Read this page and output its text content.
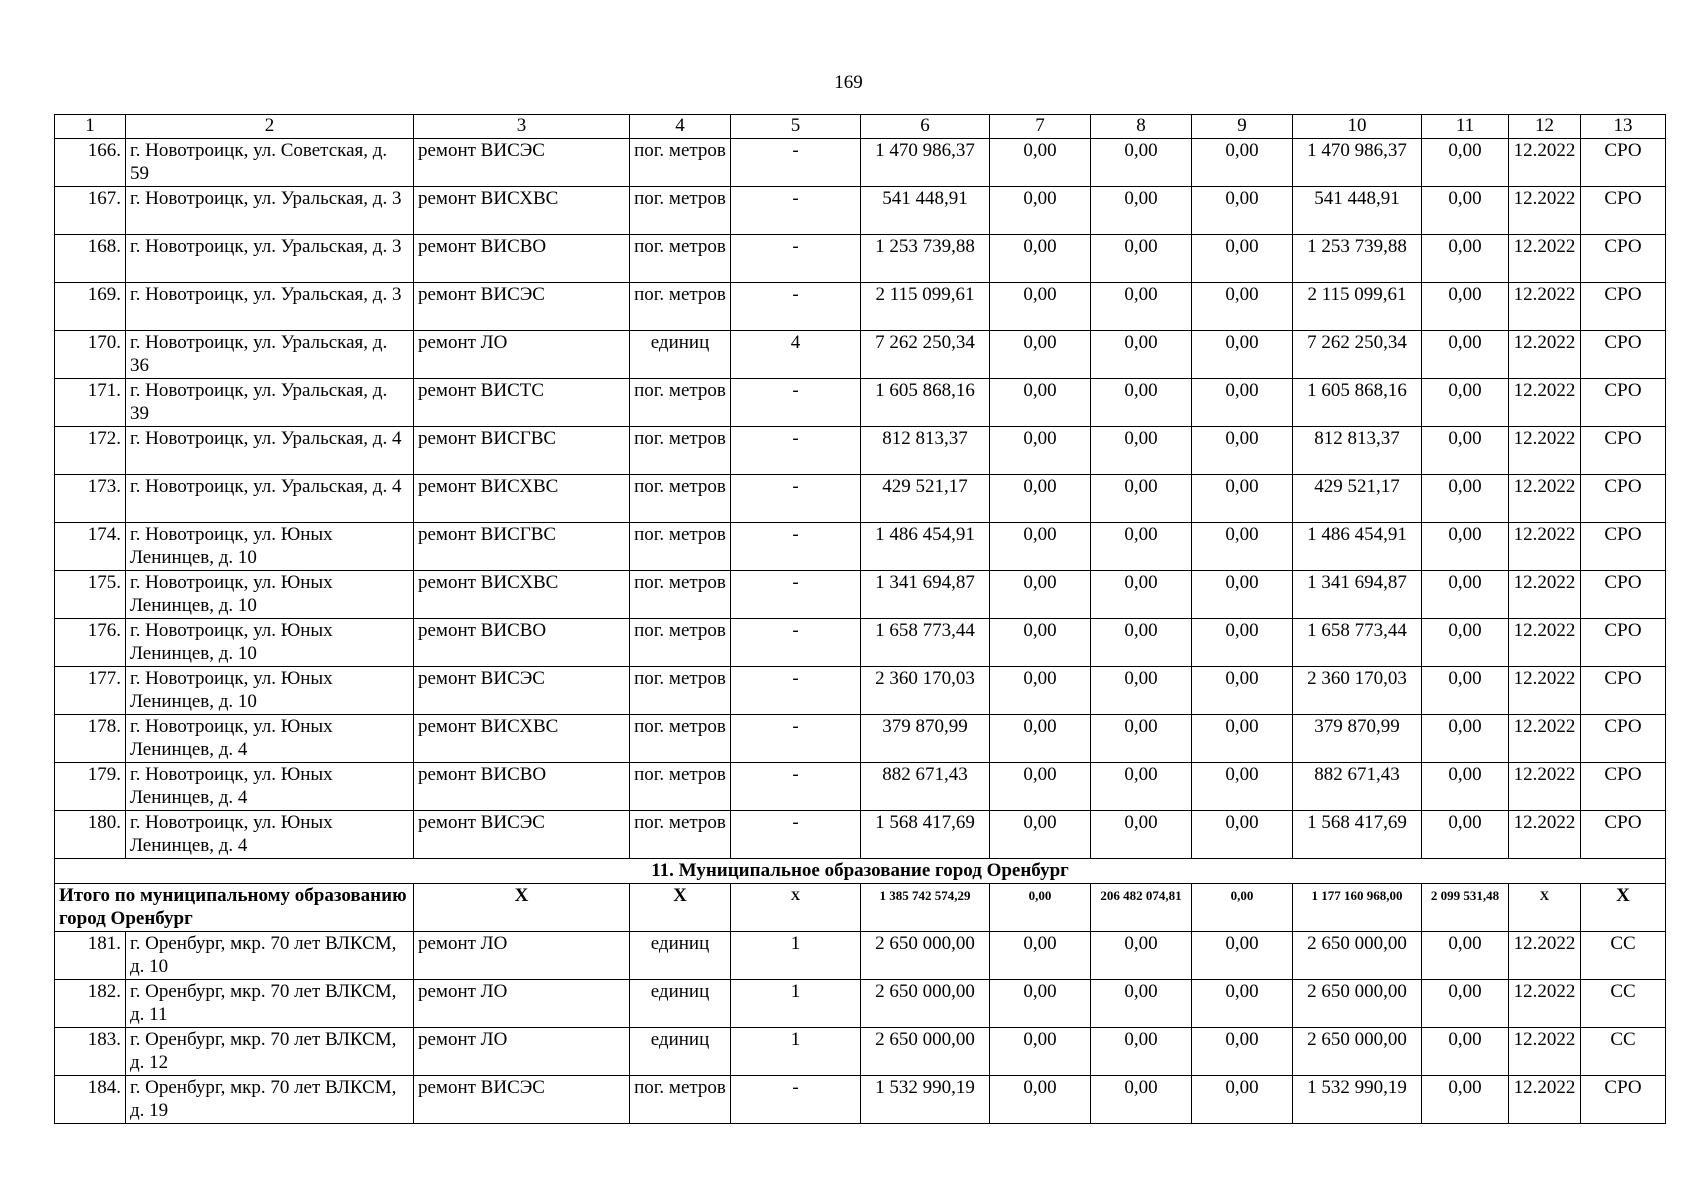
169
1	2	3	4	5	6	7	8	9	10	11	12	13
166.	г. Новотроицк, ул. Советская, д. 59	ремонт ВИСЭС	пог. метров	-	1 470 986,37	0,00	0,00	0,00	1 470 986,37	0,00	12.2022	СРО
167.	г. Новотроицк, ул. Уральская, д. 3	ремонт ВИСХВС	пог. метров	-	541 448,91	0,00	0,00	0,00	541 448,91	0,00	12.2022	СРО
168.	г. Новотроицк, ул. Уральская, д. 3	ремонт ВИСВО	пог. метров	-	1 253 739,88	0,00	0,00	0,00	1 253 739,88	0,00	12.2022	СРО
169.	г. Новотроицк, ул. Уральская, д. 3	ремонт ВИСЭС	пог. метров	-	2 115 099,61	0,00	0,00	0,00	2 115 099,61	0,00	12.2022	СРО
170.	г. Новотроицк, ул. Уральская, д. 36	ремонт ЛО	единиц	4	7 262 250,34	0,00	0,00	0,00	7 262 250,34	0,00	12.2022	СРО
171.	г. Новотроицк, ул. Уральская, д. 39	ремонт ВИСТС	пог. метров	-	1 605 868,16	0,00	0,00	0,00	1 605 868,16	0,00	12.2022	СРО
172.	г. Новотроицк, ул. Уральская, д. 4	ремонт ВИСГВС	пог. метров	-	812 813,37	0,00	0,00	0,00	812 813,37	0,00	12.2022	СРО
173.	г. Новотроицк, ул. Уральская, д. 4	ремонт ВИСХВС	пог. метров	-	429 521,17	0,00	0,00	0,00	429 521,17	0,00	12.2022	СРО
174.	г. Новотроицк, ул. Юных Ленинцев, д. 10	ремонт ВИСГВС	пог. метров	-	1 486 454,91	0,00	0,00	0,00	1 486 454,91	0,00	12.2022	СРО
175.	г. Новотроицк, ул. Юных Ленинцев, д. 10	ремонт ВИСХВС	пог. метров	-	1 341 694,87	0,00	0,00	0,00	1 341 694,87	0,00	12.2022	СРО
176.	г. Новотроицк, ул. Юных Ленинцев, д. 10	ремонт ВИСВО	пог. метров	-	1 658 773,44	0,00	0,00	0,00	1 658 773,44	0,00	12.2022	СРО
177.	г. Новотроицк, ул. Юных Ленинцев, д. 10	ремонт ВИСЭС	пог. метров	-	2 360 170,03	0,00	0,00	0,00	2 360 170,03	0,00	12.2022	СРО
178.	г. Новотроицк, ул. Юных Ленинцев, д. 4	ремонт ВИСХВС	пог. метров	-	379 870,99	0,00	0,00	0,00	379 870,99	0,00	12.2022	СРО
179.	г. Новотроицк, ул. Юных Ленинцев, д. 4	ремонт ВИСВО	пог. метров	-	882 671,43	0,00	0,00	0,00	882 671,43	0,00	12.2022	СРО
180.	г. Новотроицк, ул. Юных Ленинцев, д. 4	ремонт ВИСЭС	пог. метров	-	1 568 417,69	0,00	0,00	0,00	1 568 417,69	0,00	12.2022	СРО
11. Муниципальное образование город Оренбург												
Итого по муниципальному образованию город Оренбург		X	X	X	1 385 742 574,29	0,00	206 482 074,81	0,00	1 177 160 968,00	2 099 531,48	X	X
181.	г. Оренбург, мкр. 70 лет ВЛКСМ, д. 10	ремонт ЛО	единиц	1	2 650 000,00	0,00	0,00	0,00	2 650 000,00	0,00	12.2022	СС
182.	г. Оренбург, мкр. 70 лет ВЛКСМ, д. 11	ремонт ЛО	единиц	1	2 650 000,00	0,00	0,00	0,00	2 650 000,00	0,00	12.2022	СС
183.	г. Оренбург, мкр. 70 лет ВЛКСМ, д. 12	ремонт ЛО	единиц	1	2 650 000,00	0,00	0,00	0,00	2 650 000,00	0,00	12.2022	СС
184.	г. Оренбург, мкр. 70 лет ВЛКСМ, д. 19	ремонт ВИСЭС	пог. метров	-	1 532 990,19	0,00	0,00	0,00	1 532 990,19	0,00	12.2022	СРО
